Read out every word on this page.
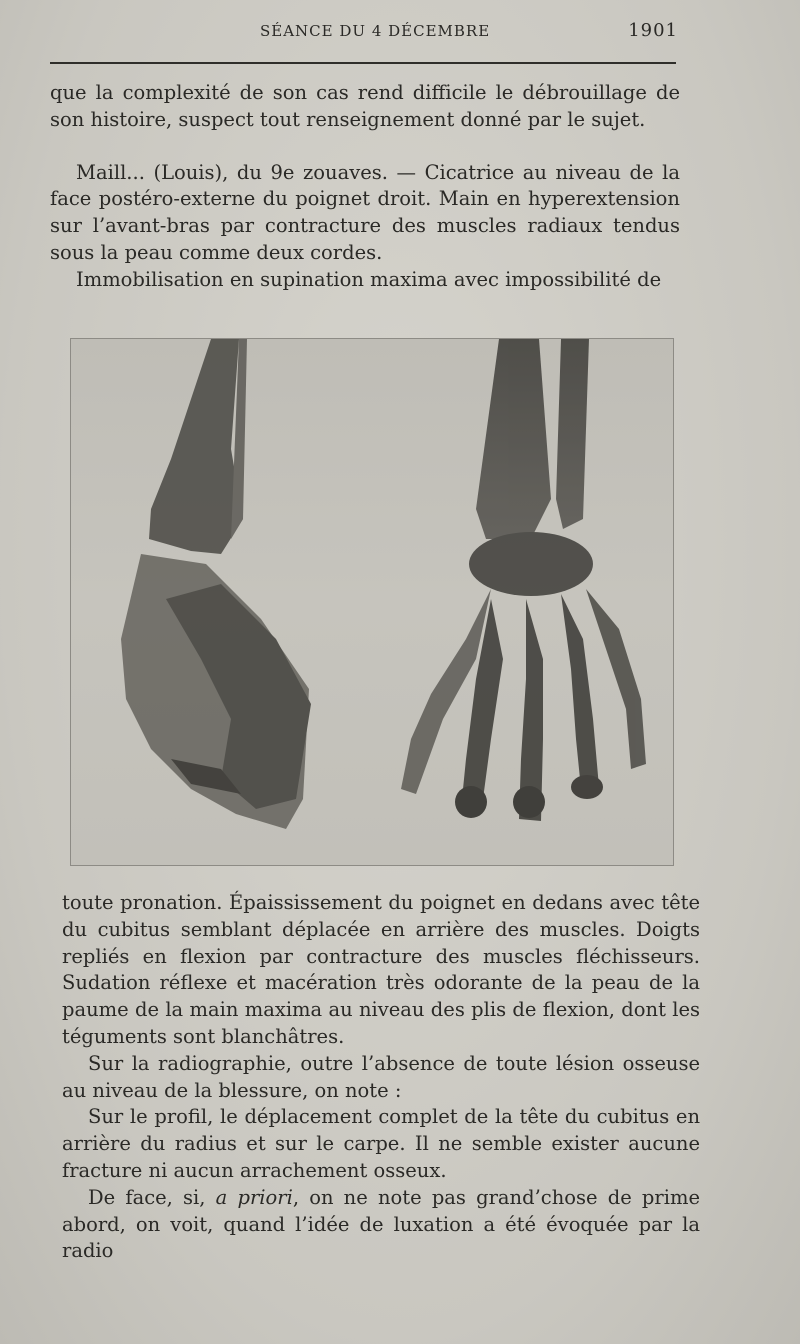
SÉANCE DU 4 DÉCEMBRE	1901

que la complexité de son cas rend difficile le débrouillage de son histoire, suspect tout renseignement donné par le sujet.

Maill... (Louis), du 9e zouaves. — Cicatrice au niveau de la face postéro-externe du poignet droit. Main en hyperextension sur l’avant-bras par contracture des muscles radiaux tendus sous la peau comme deux cordes.

Immobilisation en supination maxima avec impossibilité de

toute pronation. Épaississement du poignet en dedans avec tête du cubitus semblant déplacée en arrière des muscles. Doigts repliés en flexion par contracture des muscles fléchisseurs. Sudation réflexe et macération très odorante de la peau de la paume de la main maxima au niveau des plis de flexion, dont les téguments sont blanchâtres.

Sur la radiographie, outre l’absence de toute lésion osseuse au niveau de la blessure, on note :

Sur le profil, le déplacement complet de la tête du cubitus en arrière du radius et sur le carpe. Il ne semble exister aucune fracture ni aucun arrachement osseux.

De face, si, a priori, on ne note pas grand’chose de prime abord, on voit, quand l’idée de luxation a été évoquée par la radio
